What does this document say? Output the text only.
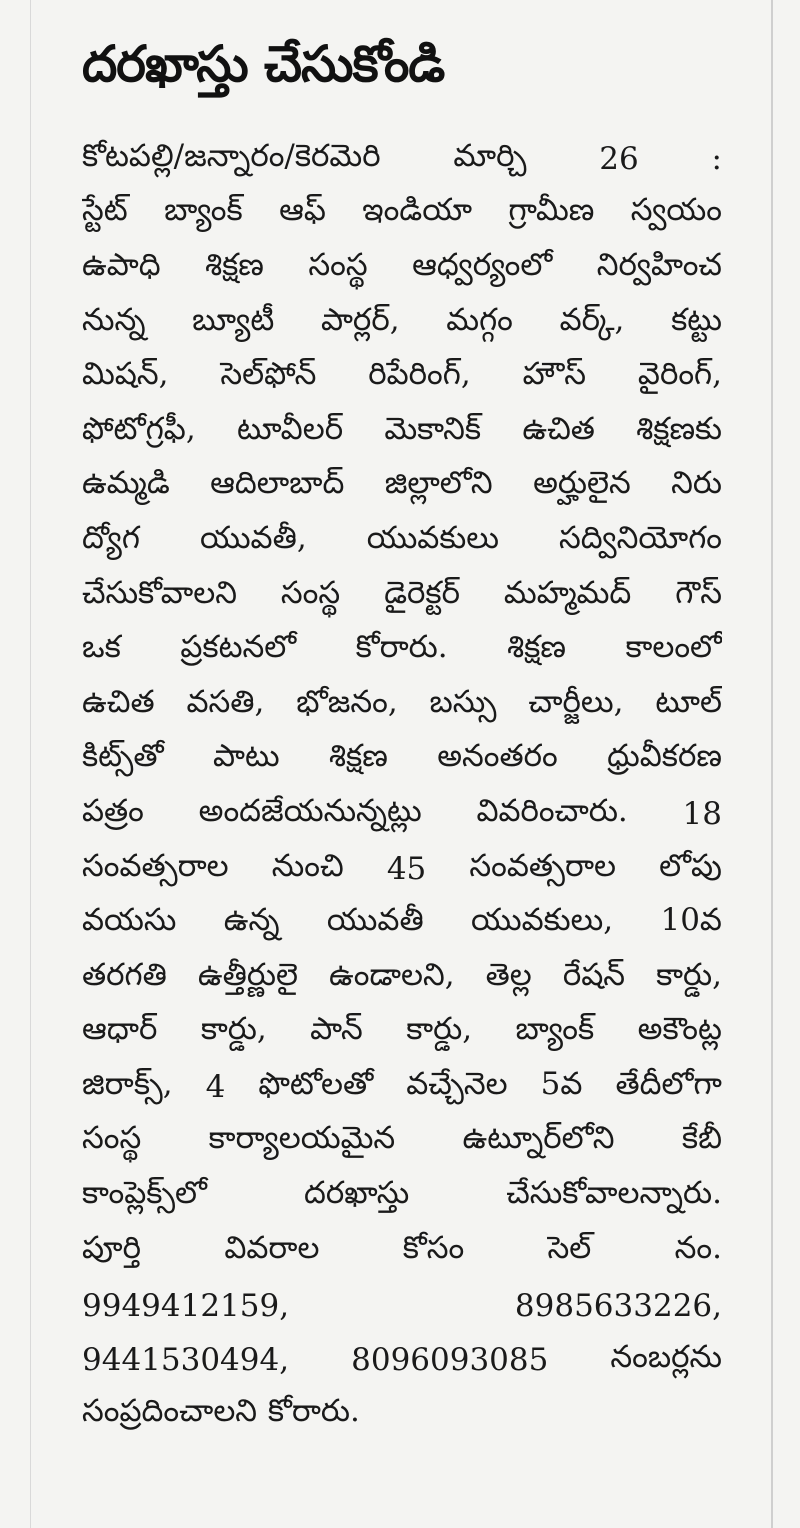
దరఖాస్తు చేసుకోండి
కోటపల్లి/జన్నారం/కెరమెరి మార్చి 26 :
స్టేట్ బ్యాంక్ ఆఫ్ ఇండియా గ్రామీణ స్వయం
ఉపాధి శిక్షణ సంస్థ ఆధ్వర్యంలో నిర్వహించ
నున్న బ్యూటీ పార్లర్, మగ్గం వర్క్, కట్టు
మిషన్, సెల్‌ఫోన్ రిపేరింగ్, హౌస్ వైరింగ్,
ఫోటోగ్రఫీ, టూవీలర్ మెకానిక్ ఉచిత శిక్షణకు
ఉమ్మడి ఆదిలాబాద్ జిల్లాలోని అర్హులైన నిరు
ద్యోగ యువతీ, యువకులు సద్వినియోగం
చేసుకోవాలని సంస్థ డైరెక్టర్ మహ్మమద్ గౌస్
ఒక ప్రకటనలో కోరారు. శిక్షణ కాలంలో
ఉచిత వసతి, భోజనం, బస్సు చార్జీలు, టూల్
కిట్స్‌తో పాటు శిక్షణ అనంతరం ధ్రువీకరణ
పత్రం అందజేయనున్నట్లు వివరించారు. 18
సంవత్సరాల నుంచి 45 సంవత్సరాల లోపు
వయసు ఉన్న యువతీ యువకులు, 10వ
తరగతి ఉత్తీర్ణులై ఉండాలని, తెల్ల రేషన్ కార్డు,
ఆధార్ కార్డు, పాన్ కార్డు, బ్యాంక్ అకౌంట్ల
జిరాక్స్, 4 ఫొటోలతో వచ్చేనెల 5వ తేదీలోగా
సంస్థ కార్యాలయమైన ఉట్నూర్‌లోని కేబీ
కాంప్లెక్స్‌లో	దరఖాస్తు	చేసుకోవాలన్నారు.
పూర్తి	వివరాల	కోసం	సెల్	నం.
9949412159,	8985633226,
9441530494, 8096093085 నంబర్లను
సంప్రదించాలని కోరారు.
